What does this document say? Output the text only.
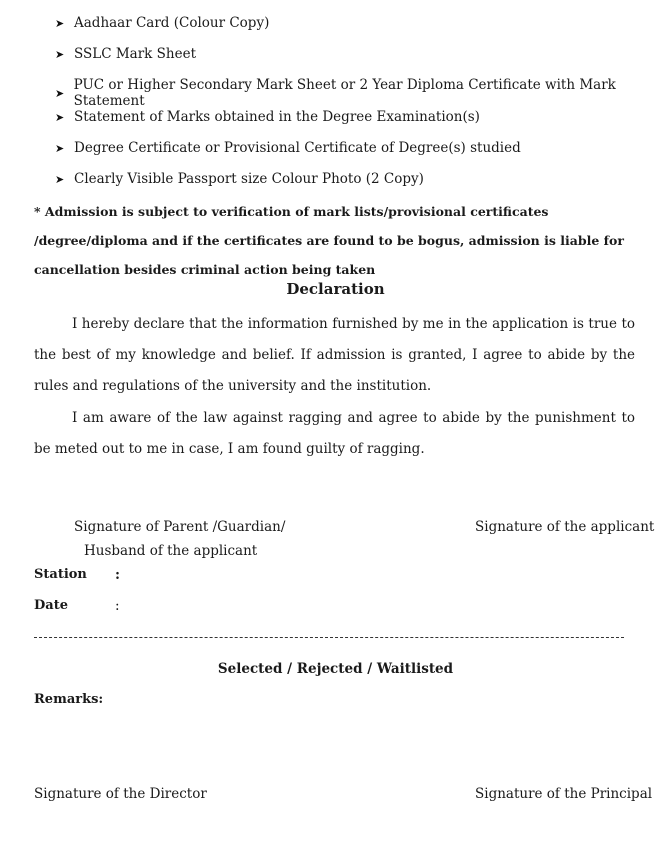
➤ Aadhaar Card (Colour Copy)
➤ SSLC Mark Sheet
➤ PUC or Higher Secondary Mark Sheet or 2 Year Diploma Certificate with Mark Statement
➤ Statement of Marks obtained in the Degree Examination(s)
➤ Degree Certificate or Provisional Certificate of Degree(s) studied
➤ Clearly Visible Passport size Colour Photo (2 Copy)
* Admission is subject to verification of mark lists/provisional certificates /degree/diploma and if the certificates are found to be bogus, admission is liable for cancellation besides criminal action being taken
Declaration
I hereby declare that the information furnished by me in the application is true to the best of my knowledge and belief. If admission is granted, I agree to abide by the rules and regulations of the university and the institution.
I am aware of the law against ragging and agree to abide by the punishment to be meted out to me in case, I am found guilty of ragging.
Signature of Parent /Guardian/
Husband of the applicant
Signature of the applicant
Station :
Date	:
Selected / Rejected / Waitlisted
Remarks:
Signature of the Director	Signature of the Principal
